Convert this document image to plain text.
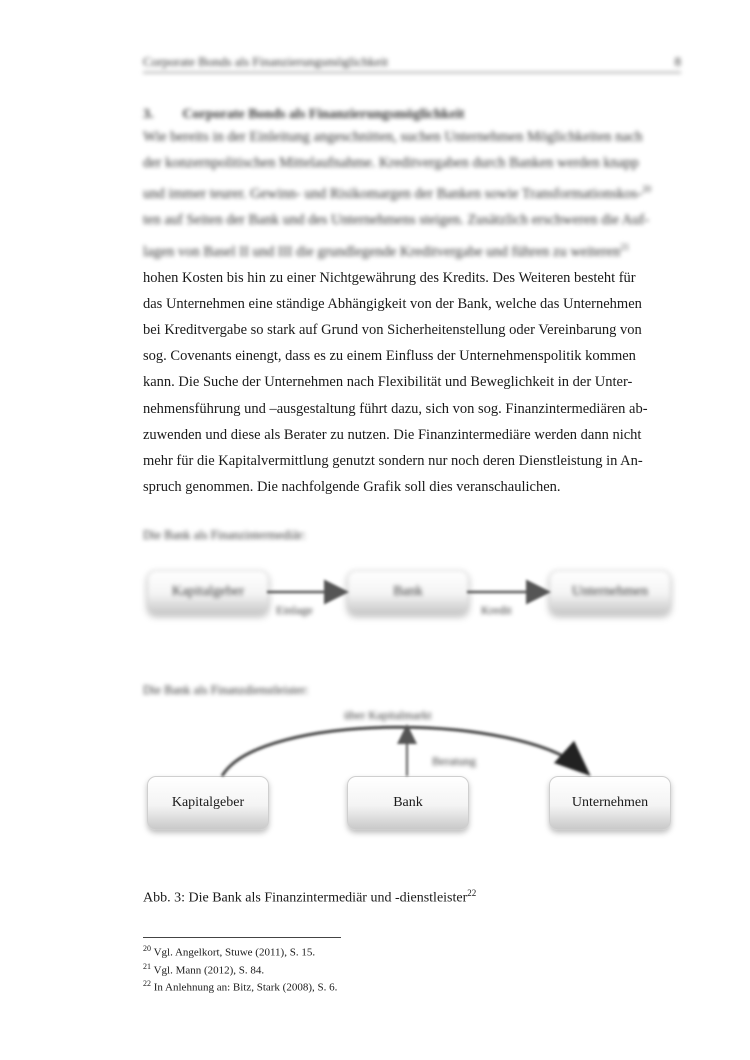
Corporate Bonds als Finanzierungsmöglichkeit	8
3. Corporate Bonds als Finanzierungsmöglichkeit

Wie bereits in der Einleitung angeschnitten, suchen Unternehmen Möglichkeiten nach

der konzernpolitischen Mittelaufnahme. Kreditvergaben durch Banken werden knapp

und immer teurer. Gewinn- und Risikomargen der Banken sowie Transformationskos-$^{20}$

ten auf Seiten der Bank und des Unternehmens steigen. Zusätzlich erschweren die Auf-

lagen von Basel II und III die grundlegende Kreditvergabe und führen zu weiteren$^{21}$

hohen Kosten bis hin zu einer Nichtgewährung des Kredits. Des Weiteren besteht für

das Unternehmen eine ständige Abhängigkeit von der Bank, welche das Unternehmen

bei Kreditvergabe so stark auf Grund von Sicherheitenstellung oder Vereinbarung von

sog. Covenants einengt, dass es zu einem Einfluss der Unternehmenspolitik kommen

kann. Die Suche der Unternehmen nach Flexibilität und Beweglichkeit in der Unter-

nehmensführung und –ausgestaltung führt dazu, sich von sog. Finanzintermediären ab-

zuwenden und diese als Berater zu nutzen. Die Finanzintermediäre werden dann nicht

mehr für die Kapitalvermittlung genutzt sondern nur noch deren Dienstleistung in An-

spruch genommen. Die nachfolgende Grafik soll dies veranschaulichen.

Die Bank als Finanzintermediär:
Kapitalgeber	Bank	Unternehmen
Einlage	Kredit
Die Bank als Finanzdienstleister:
über Kapitalmarkt
Beratung
Kapitalgeber	Bank	Unternehmen
Abb. 3: Die Bank als Finanzintermediär und -dienstleister$^{22}$
$^{20}$ Vgl. Angelkort, Stuwe (2011), S. 15.
$^{21}$ Vgl. Mann (2012), S. 84.
$^{22}$ In Anlehnung an: Bitz, Stark (2008), S. 6.
